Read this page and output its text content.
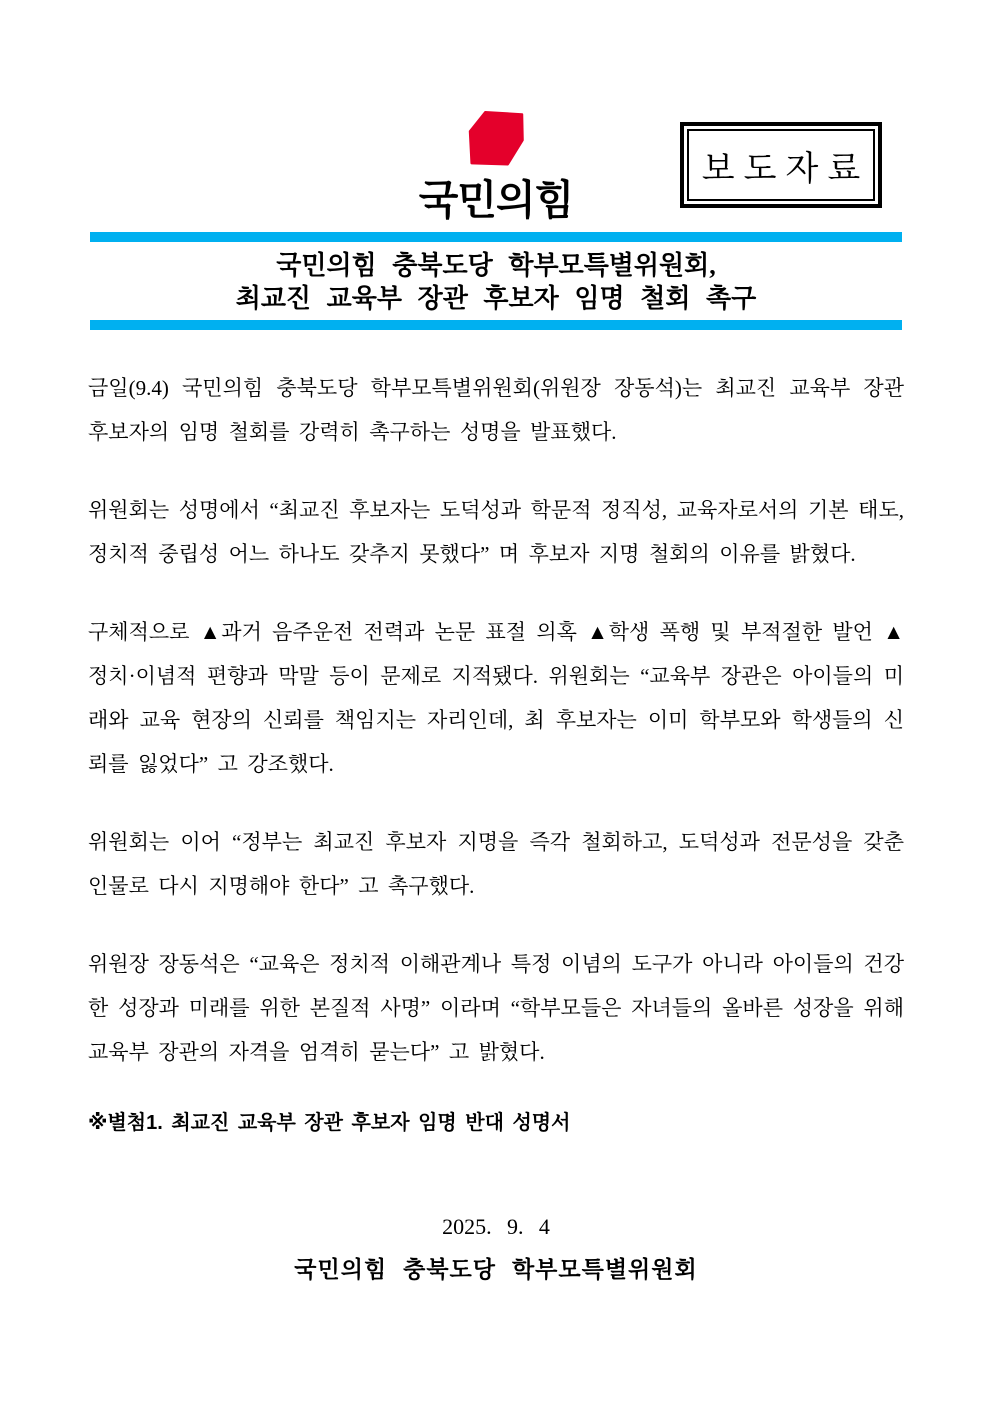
국민의힘
보도자료
국민의힘 충북도당 학부모특별위원회,
최교진 교육부 장관 후보자 임명 철회 촉구

금일(9.4) 국민의힘 충북도당 학부모특별위원회(위원장 장동석)는 최교진 교육부 장관 후보자의 임명 철회를 강력히 촉구하는 성명을 발표했다.

위원회는 성명에서 “최교진 후보자는 도덕성과 학문적 정직성, 교육자로서의 기본 태도, 정치적 중립성 어느 하나도 갖추지 못했다” 며 후보자 지명 철회의 이유를 밝혔다.

구체적으로 ▲과거 음주운전 전력과 논문 표절 의혹 ▲학생 폭행 및 부적절한 발언 ▲정치·이념적 편향과 막말 등이 문제로 지적됐다. 위원회는 “교육부 장관은 아이들의 미래와 교육 현장의 신뢰를 책임지는 자리인데, 최 후보자는 이미 학부모와 학생들의 신뢰를 잃었다” 고 강조했다.

위원회는 이어 “정부는 최교진 후보자 지명을 즉각 철회하고, 도덕성과 전문성을 갖춘 인물로 다시 지명해야 한다” 고 촉구했다.

위원장 장동석은 “교육은 정치적 이해관계나 특정 이념의 도구가 아니라 아이들의 건강한 성장과 미래를 위한 본질적 사명” 이라며 “학부모들은 자녀들의 올바른 성장을 위해 교육부 장관의 자격을 엄격히 묻는다” 고 밝혔다.

※별첨1. 최교진 교육부 장관 후보자 임명 반대 성명서
2025. 9. 4
국민의힘 충북도당 학부모특별위원회
